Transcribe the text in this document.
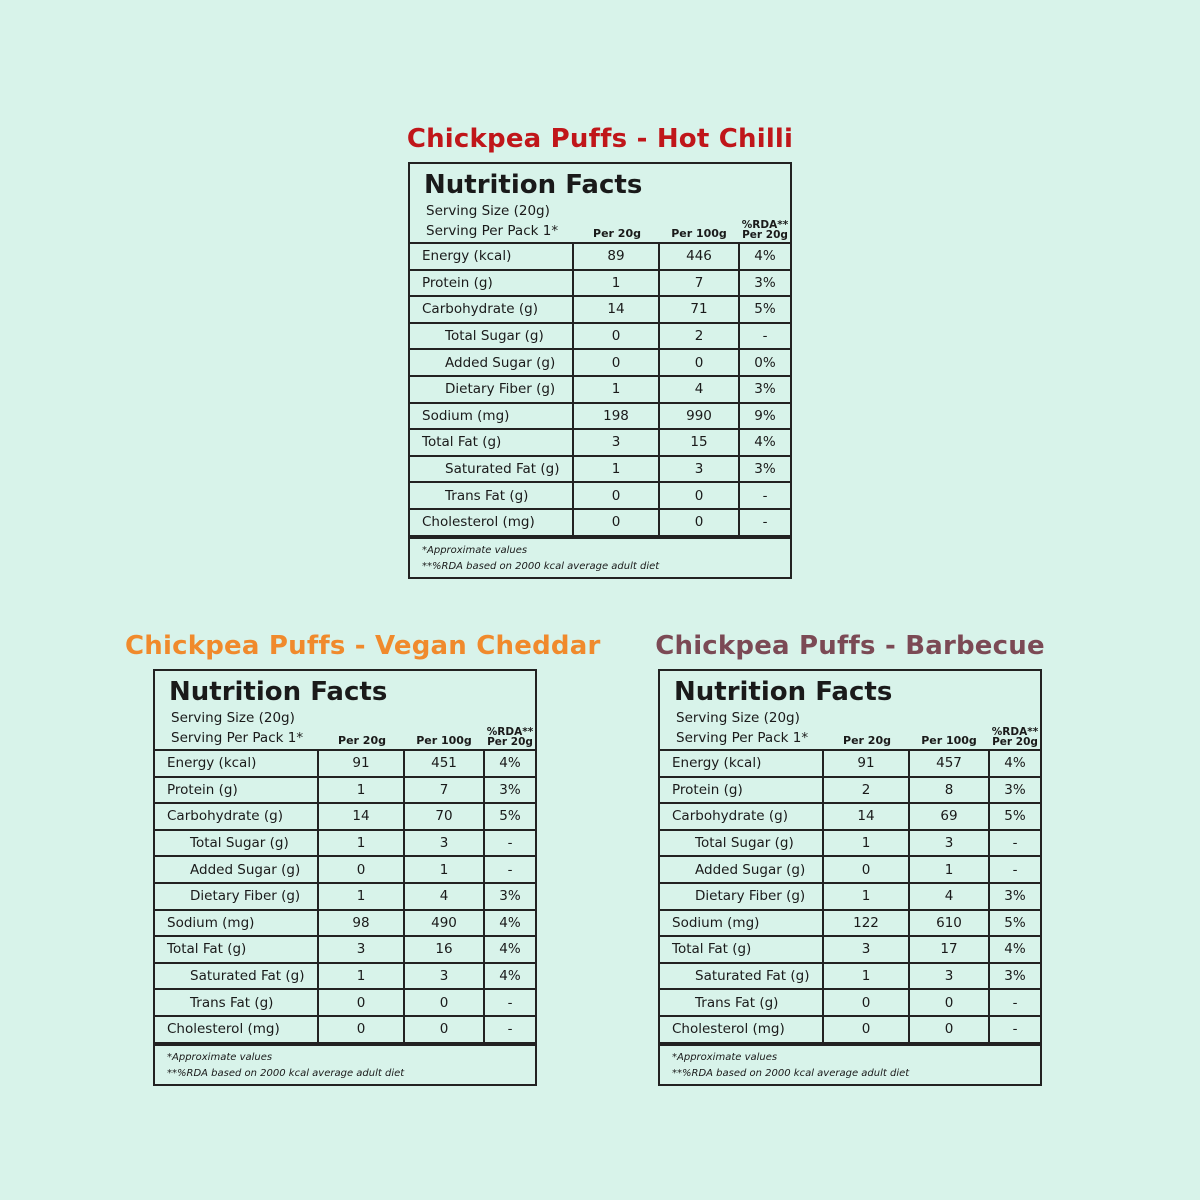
Chickpea Puffs - Hot Chilli
Nutrition Facts
Serving Size (20g)
Serving Per Pack 1*	Per 20g	Per 100g
%RDA**
Per 20g
Energy (kcal)	89	446	4%
Protein (g)	1	7	3%
Carbohydrate (g)	14	71	5%
Total Sugar (g)	0	2	-
Added Sugar (g)	0	0	0%
Dietary Fiber (g)	1	4	3%
Sodium (mg)	198	990	9%
Total Fat (g)	3	15	4%
Saturated Fat (g)	1	3	3%
Trans Fat (g)	0	0	-
Cholesterol (mg)	0	0	-
*Approximate values
**%RDA based on 2000 kcal average adult diet
Chickpea Puffs - Vegan Cheddar
Nutrition Facts
Serving Size (20g)
Serving Per Pack 1*	Per 20g	Per 100g
%RDA**
Per 20g
Energy (kcal)	91	451	4%
Protein (g)	1	7	3%
Carbohydrate (g)	14	70	5%
Total Sugar (g)	1	3	-
Added Sugar (g)	0	1	-
Dietary Fiber (g)	1	4	3%
Sodium (mg)	98	490	4%
Total Fat (g)	3	16	4%
Saturated Fat (g)	1	3	4%
Trans Fat (g)	0	0	-
Cholesterol (mg)	0	0	-
*Approximate values
**%RDA based on 2000 kcal average adult diet
Chickpea Puffs - Barbecue
Nutrition Facts
Serving Size (20g)
Serving Per Pack 1*	Per 20g	Per 100g
%RDA**
Per 20g
Energy (kcal)	91	457	4%
Protein (g)	2	8	3%
Carbohydrate (g)	14	69	5%
Total Sugar (g)	1	3	-
Added Sugar (g)	0	1	-
Dietary Fiber (g)	1	4	3%
Sodium (mg)	122	610	5%
Total Fat (g)	3	17	4%
Saturated Fat (g)	1	3	3%
Trans Fat (g)	0	0	-
Cholesterol (mg)	0	0	-
*Approximate values
**%RDA based on 2000 kcal average adult diet
